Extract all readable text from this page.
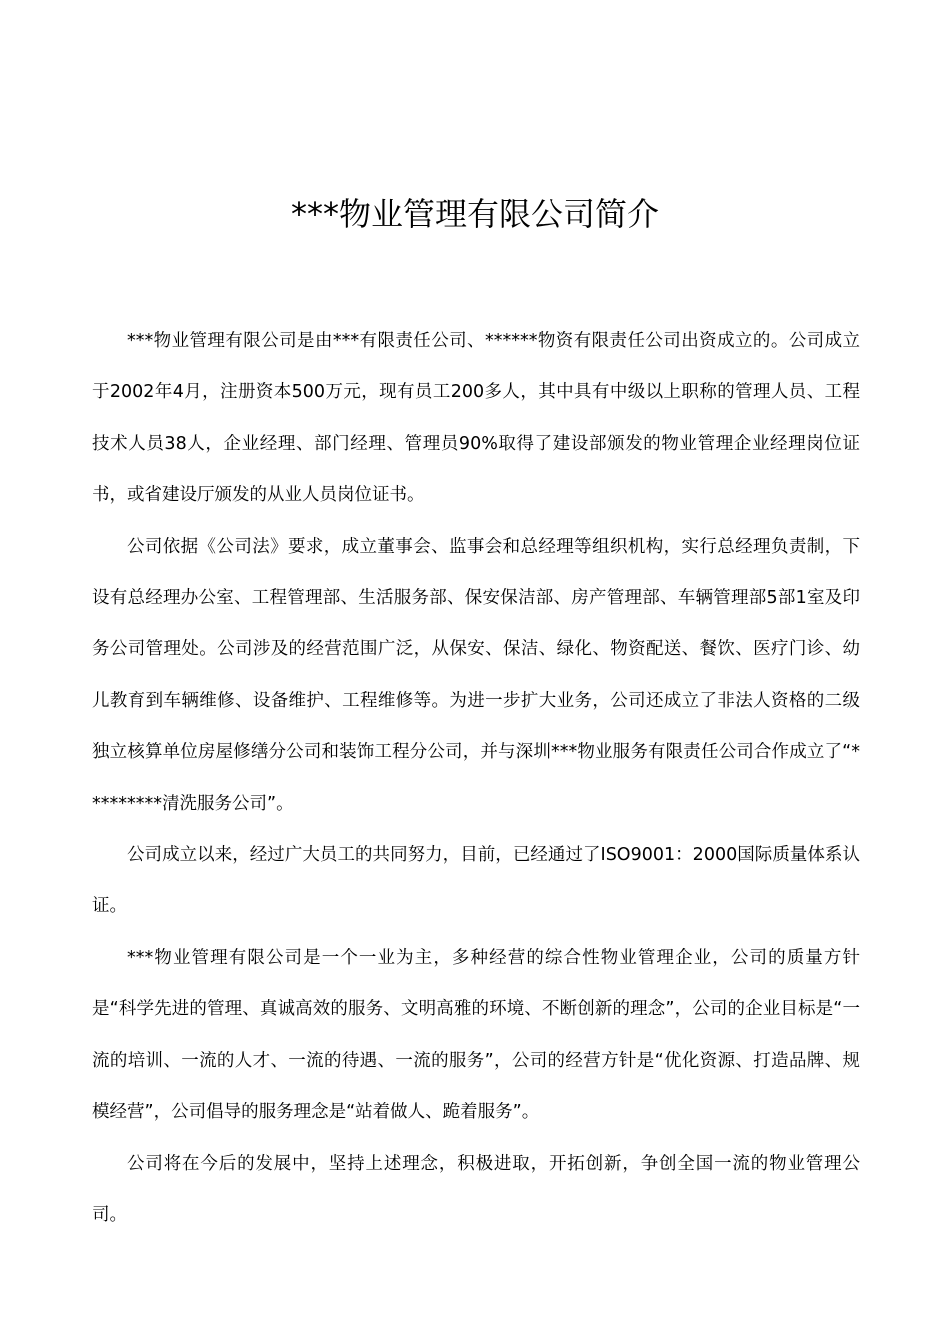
***物业管理有限公司简介

***物业管理有限公司是由***有限责任公司、******物资有限责任公司出资成立的。公司成立于2002年4月，注册资本500万元，现有员工200多人，其中具有中级以上职称的管理人员、工程技术人员38人，企业经理、部门经理、管理员90%取得了建设部颁发的物业管理企业经理岗位证书，或省建设厅颁发的从业人员岗位证书。

公司依据《公司法》要求，成立董事会、监事会和总经理等组织机构，实行总经理负责制，下设有总经理办公室、工程管理部、生活服务部、保安保洁部、房产管理部、车辆管理部5部1室及印务公司管理处。公司涉及的经营范围广泛，从保安、保洁、绿化、物资配送、餐饮、医疗门诊、幼儿教育到车辆维修、设备维护、工程维修等。为进一步扩大业务，公司还成立了非法人资格的二级独立核算单位房屋修缮分公司和装饰工程分公司，并与深圳***物业服务有限责任公司合作成立了“*********清洗服务公司”。

公司成立以来，经过广大员工的共同努力，目前，已经通过了ISO9001：2000国际质量体系认证。

***物业管理有限公司是一个一业为主，多种经营的综合性物业管理企业，公司的质量方针是“科学先进的管理、真诚高效的服务、文明高雅的环境、不断创新的理念”，公司的企业目标是“一流的培训、一流的人才、一流的待遇、一流的服务”，公司的经营方针是“优化资源、打造品牌、规模经营”，公司倡导的服务理念是“站着做人、跪着服务”。

公司将在今后的发展中，坚持上述理念，积极进取，开拓创新，争创全国一流的物业管理公司。
